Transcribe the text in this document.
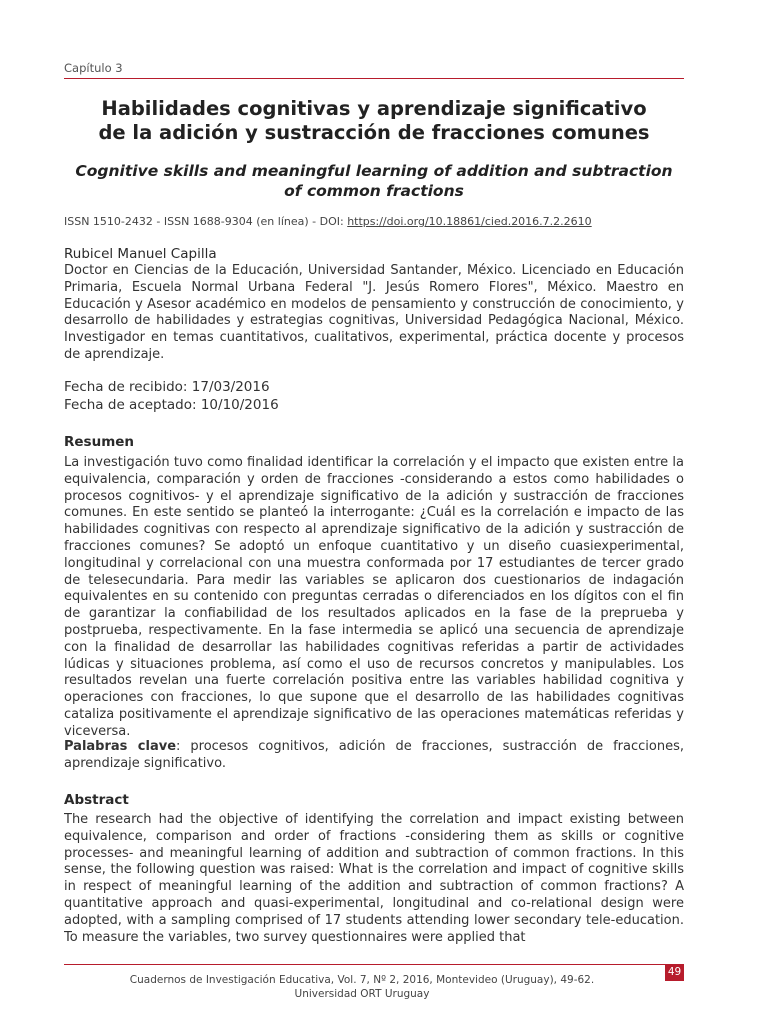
Capítulo 3
Habilidades cognitivas y aprendizaje significativo
de la adición y sustracción de fracciones comunes
Cognitive skills and meaningful learning of addition and subtraction
of common fractions
ISSN 1510-2432 - ISSN 1688-9304 (en línea) - DOI: https://doi.org/10.18861/cied.2016.7.2.2610
Rubicel Manuel Capilla
Doctor en Ciencias de la Educación, Universidad Santander, México. Licenciado en Educación Primaria, Escuela Normal Urbana Federal "J. Jesús Romero Flores", México. Maestro en Educación y Asesor académico en modelos de pensamiento y construcción de conocimiento, y desarrollo de habilidades y estrategias cognitivas, Universidad Pedagógica Nacional, México. Investigador en temas cuantitativos, cualitativos, experimental, práctica docente y procesos de aprendizaje.
Fecha de recibido: 17/03/2016
Fecha de aceptado: 10/10/2016
Resumen
La investigación tuvo como finalidad identificar la correlación y el impacto que existen entre la equivalencia, comparación y orden de fracciones -considerando a estos como habilidades o procesos cognitivos- y el aprendizaje significativo de la adición y sustracción de fracciones comunes. En este sentido se planteó la interrogante: ¿Cuál es la correlación e impacto de las habilidades cognitivas con respecto al aprendizaje significativo de la adición y sustracción de fracciones comunes? Se adoptó un enfoque cuantitativo y un diseño cuasiexperimental, longitudinal y correlacional con una muestra conformada por 17 estudiantes de tercer grado de telesecundaria. Para medir las variables se aplicaron dos cuestionarios de indagación equivalentes en su contenido con preguntas cerradas o diferenciados en los dígitos con el fin de garantizar la confiabilidad de los resultados aplicados en la fase de la preprueba y postprueba, respectivamente. En la fase intermedia se aplicó una secuencia de aprendizaje con la finalidad de desarrollar las habilidades cognitivas referidas a partir de actividades lúdicas y situaciones problema, así como el uso de recursos concretos y manipulables. Los resultados revelan una fuerte correlación positiva entre las variables habilidad cognitiva y operaciones con fracciones, lo que supone que el desarrollo de las habilidades cognitivas cataliza positivamente el aprendizaje significativo de las operaciones matemáticas referidas y viceversa.
Palabras clave: procesos cognitivos, adición de fracciones, sustracción de fracciones, aprendizaje significativo.
Abstract
The research had the objective of identifying the correlation and impact existing between equivalence, comparison and order of fractions -considering them as skills or cognitive processes- and meaningful learning of addition and subtraction of common fractions. In this sense, the following question was raised: What is the correlation and impact of cognitive skills in respect of meaningful learning of the addition and subtraction of common fractions? A quantitative approach and quasi-experimental, longitudinal and co-relational design were adopted, with a sampling comprised of 17 students attending lower secondary tele-education. To measure the variables, two survey questionnaires were applied that
49
Cuadernos de Investigación Educativa, Vol. 7, Nº 2, 2016, Montevideo (Uruguay), 49-62.
Universidad ORT Uruguay
